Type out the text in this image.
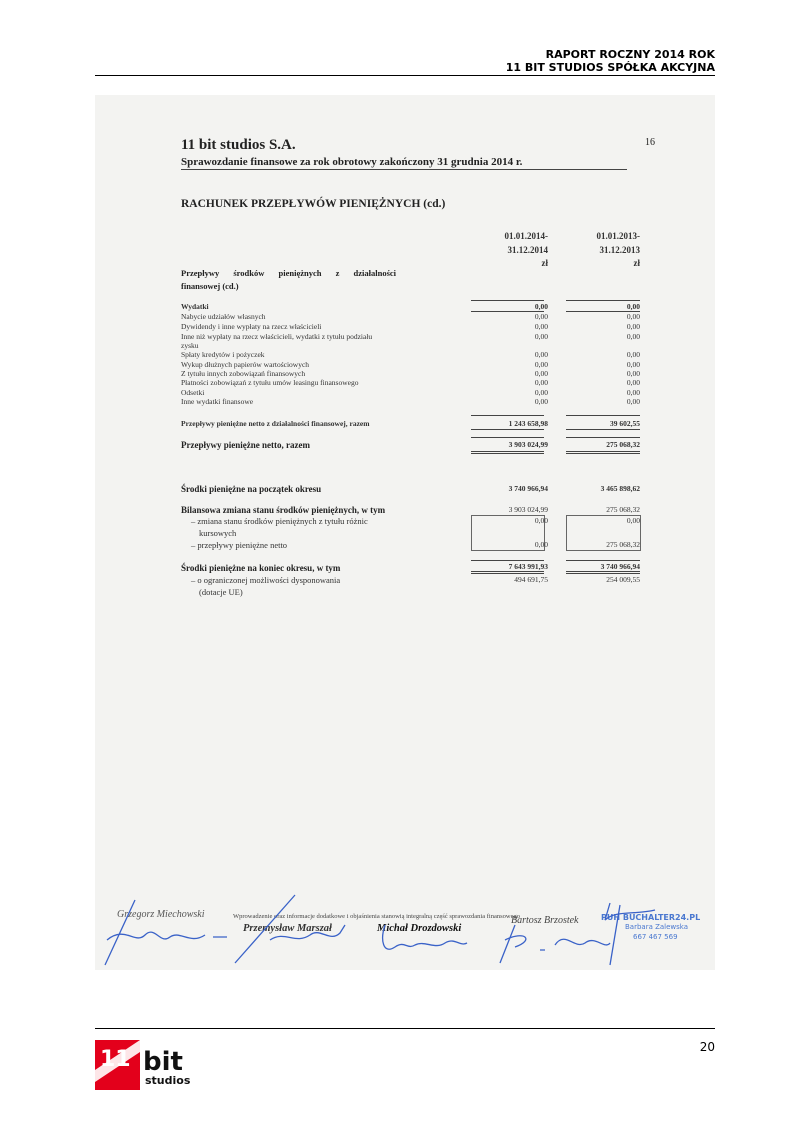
RAPORT ROCZNY 2014 ROK
11 BIT STUDIOS SPÓŁKA AKCYJNA
11 bit studios S.A.
Sprawozdanie finansowe za rok obrotowy zakończony 31 grudnia 2014 r.
16
RACHUNEK PRZEPŁYWÓW PIENIĘŻNYCH (cd.)
01.01.2014-
31.12.2014
zł
01.01.2013-
31.12.2013
zł
Przepływy środków pieniężnych z działalności
finansowej (cd.)
Wydatki	0,00	0,00
Nabycie udziałów własnych	0,00	0,00
Dywidendy i inne wypłaty na rzecz właścicieli	0,00	0,00
Inne niż wypłaty na rzecz właścicieli, wydatki z tytułu podziału
zysku
0,00	0,00
Spłaty kredytów i pożyczek	0,00	0,00
Wykup dłużnych papierów wartościowych	0,00	0,00
Z tytułu innych zobowiązań finansowych	0,00	0,00
Płatności zobowiązań z tytułu umów leasingu finansowego	0,00	0,00
Odsetki	0,00	0,00
Inne wydatki finansowe	0,00	0,00
Przepływy pieniężne netto z działalności finansowej, razem	1 243 658,98	39 602,55
Przepływy pieniężne netto, razem	3 903 024,99	275 068,32
Środki pieniężne na początek okresu	3 740 966,94	3 465 898,62
Bilansowa zmiana stanu środków pieniężnych, w tym	3 903 024,99	275 068,32
– zmiana stanu środków pieniężnych z tytułu różnic
kursowych
0,00	0,00
– przepływy pieniężne netto	0,00	275 068,32
Środki pieniężne na koniec okresu, w tym	7 643 991,93	3 740 966,94
– o ograniczonej możliwości dysponowania
(dotacje UE)
494 691,75	254 009,55
Grzegorz Miechowski	Wprowadzenie oraz informacje dodatkowe i objaśnienia stanowią integralną część sprawozdania finansowego
Przemysław Marszał	Michał Drozdowski
Bartosz Brzostek	PUH BUCHALTER24.PL
Barbara Zalewska
667 467 569
11 bit
studios
20
